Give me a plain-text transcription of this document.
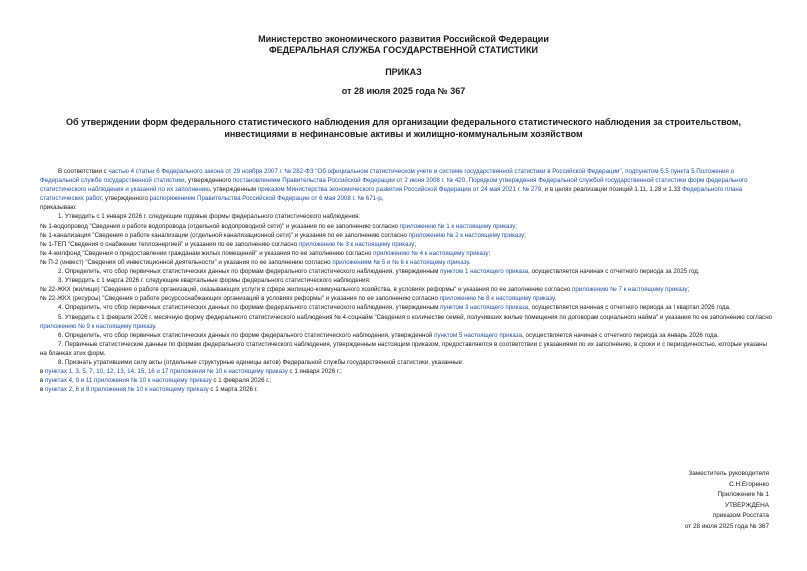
Министерство экономического развития Российской Федерации
ФЕДЕРАЛЬНАЯ СЛУЖБА ГОСУДАРСТВЕННОЙ СТАТИСТИКИ
ПРИКАЗ
от 28 июля 2025 года № 367
Об утверждении форм федерального статистического наблюдения для организации федерального статистического наблюдения за строительством,
инвестициями в нефинансовые активы и жилищно-коммунальным хозяйством

В соответствии с частью 4 статьи 6 Федерального закона от 29 ноября 2007 г. № 282-ФЗ "Об официальном статистическом учете и системе государственной статистики в Российской Федерации", подпунктом 5.5 пункта 5 Положения о Федеральной службе государственной статистики, утвержденного постановлением Правительства Российской Федерации от 2 июня 2008 г. № 420, Порядком утверждения Федеральной службой государственной статистики форм федерального статистического наблюдения и указаний по их заполнению, утвержденным приказом Министерства экономического развития Российской Федерации от 24 мая 2021 г. № 279, и в целях реализации позиций 1.11, 1.28 и 1.33 Федерального плана статистических работ, утвержденного распоряжением Правительства Российской Федерации от 6 мая 2008 г. № 671-р,

приказываю:

1. Утвердить с 1 января 2026 г. следующие годовые формы федерального статистического наблюдения:

№ 1-водопровод "Сведения о работе водопровода (отдельной водопроводной сети)" и указания по ее заполнению согласно приложению № 1 к настоящему приказу;

№ 1-канализация "Сведения о работе канализации (отдельной канализационной сети)" и указания по ее заполнению согласно приложению № 2 к настоящему приказу;

№ 1-ТЕП "Сведения о снабжении теплоэнергией" и указания по ее заполнению согласно приложению № 3 к настоящему приказу;

№ 4-жилфонд "Сведения о предоставлении гражданам жилых помещений" и указания по ее заполнению согласно приложению № 4 к настоящему приказу;

№ П-2 (инвест) "Сведения об инвестиционной деятельности" и указания по ее заполнению согласно приложениям № 5 и № 6 к настоящему приказу.

2. Определить, что сбор первичных статистических данных по формам федерального статистического наблюдения, утвержденным пунктом 1 настоящего приказа, осуществляется начиная с отчетного периода за 2025 год.

3. Утвердить с 1 марта 2026 г. следующие квартальные формы федерального статистического наблюдения:

№ 22-ЖКХ (жилище) "Сведения о работе организаций, оказывающих услуги в сфере жилищно-коммунального хозяйства, в условиях реформы" и указания по ее заполнению согласно приложению № 7 к настоящему приказу;

№ 22-ЖКХ (ресурсы) "Сведения о работе ресурсоснабжающих организаций в условиях реформы" и указания по ее заполнению согласно приложению № 8 к настоящему приказу.

4. Определить, что сбор первичных статистических данных по формам федерального статистического наблюдения, утвержденным пунктом 3 настоящего приказа, осуществляется начиная с отчетного периода за I квартал 2026 года.

5. Утвердить с 1 февраля 2026 г. месячную форму федерального статистического наблюдения № 4-соцнайм "Сведения о количестве семей, получивших жилые помещения по договорам социального найма" и указания по ее заполнению согласно приложению № 9 к настоящему приказу.

6. Определить, что сбор первичных статистических данных по форме федерального статистического наблюдения, утвержденной пунктом 5 настоящего приказа, осуществляется начиная с отчетного периода за январь 2026 года.

7. Первичные статистические данные по формам федерального статистического наблюдения, утвержденным настоящим приказом, предоставляются в соответствии с указаниями по их заполнению, в сроки и с периодичностью, которые указаны на бланках этих форм.

8. Признать утратившими силу акты (отдельные структурные единицы актов) Федеральной службы государственной статистики, указанные:

в пунктах 1, 3, 5, 7, 10, 12, 13, 14, 15, 16 и 17 приложения № 10 к настоящему приказу с 1 января 2026 г.;

в пунктах 4, 9 и 11 приложения № 10 к настоящему приказу с 1 февраля 2026 г.;

в пунктах 2, 6 и 8 приложения № 10 к настоящему приказу с 1 марта 2026 г.

Заместитель руководителя
С.Н.Егоренко
Приложение № 1
УТВЕРЖДЕНА
приказом Росстата
от 28 июля 2025 года № 367
